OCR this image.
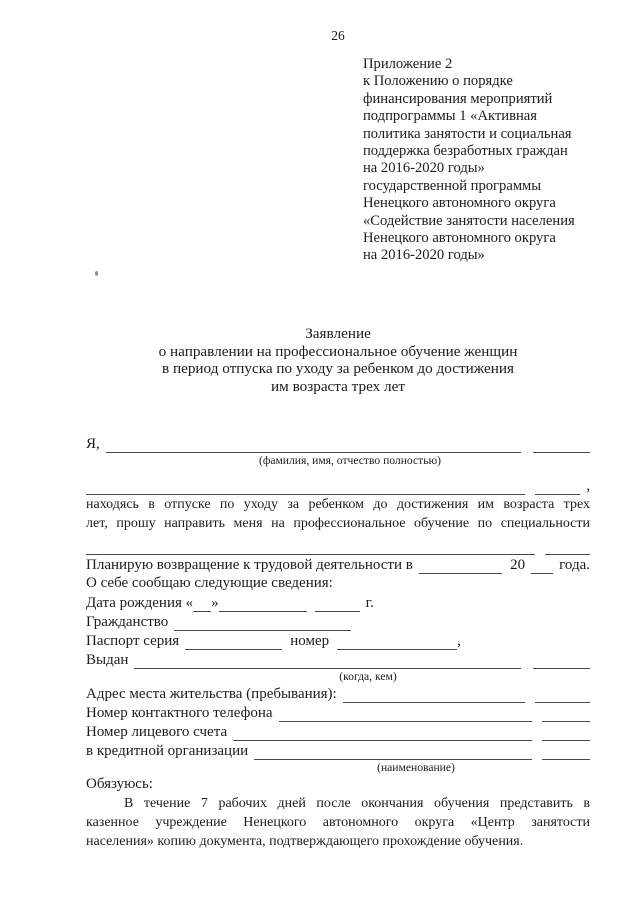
26
Приложение 2
к Положению о порядке
финансирования мероприятий
подпрограммы 1 «Активная
политика занятости и социальная
поддержка безработных граждан
на 2016-2020 годы»
государственной программы
Ненецкого автономного округа
«Содействие занятости населения
Ненецкого автономного округа
на 2016-2020 годы»
Заявление
о направлении на профессиональное обучение женщин
в период отпуска по уходу за ребенком до достижения
им возраста трех лет
Я,
(фамилия, имя, отчество полностью)
,
находясь в отпуске по уходу за ребенком до достижения им возраста трех
лет, прошу направить меня на профессиональное обучение по специальности
Планирую возвращение к трудовой деятельности в	20 года.
О себе сообщаю следующие сведения:
Дата рождения « »	г.
Гражданство
Паспорт серия	номер	,
Выдан
(когда, кем)
Адрес места жительства (пребывания):
Номер контактного телефона
Номер лицевого счета
в кредитной организации
(наименование)
Обязуюсь:
В течение 7 рабочих дней после окончания обучения представить в
казенное учреждение Ненецкого автономного округа «Центр занятости
населения» копию документа, подтверждающего прохождение обучения.
